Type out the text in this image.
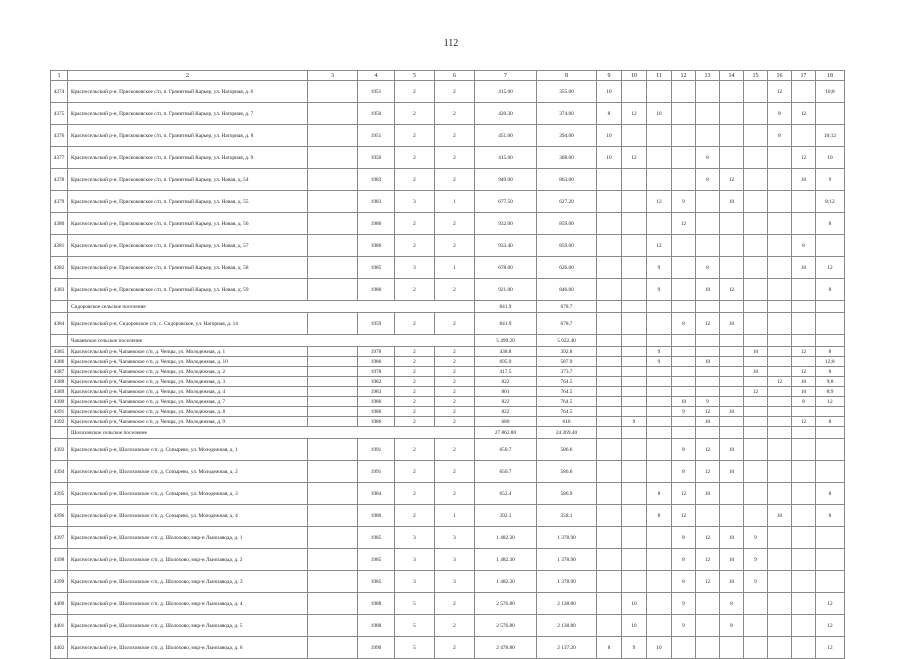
112
1	2	3	4	5	6	7	8	9	10	11	12	13	14	15	16	17	18
4374	Красносельский р-н, Прискоковское с/п, п. Гранитный Карьер, ул. Нагорная, д. 6		1951	2	2	415.00	355.00	10							12		10;8
4375	Красносельский р-н, Прискоковское с/п, п. Гранитный Карьер, ул. Нагорная, д. 7		1950	2	2	420.30	374.00	8	12	10					8	12	
4376	Красносельский р-н, Прискоковское с/п, п. Гранитный Карьер, ул. Нагорная, д. 8		1951	2	2	451.00	394.00	10							8		10;12
4377	Красносельский р-н, Прискоковское с/п, п. Гранитный Карьер, ул. Нагорная, д. 9		1950	2	2	415.00	368.00	10	12			8				12	10
4378	Красносельский р-н, Прискоковское с/п, п. Гранитный Карьер, ул. Новая, д. 54		1983	2	2	940.00	863.00					8	12			10	9
4379	Красносельский р-н, Прискоковское с/п, п. Гранитный Карьер, ул. Новая, д. 55		1983	3	1	677.50	627.20			12	9		10				8;12
4380	Красносельский р-н, Прискоковское с/п, п. Гранитный Карьер, ул. Новая, д. 56		1986	2	2	932.00	859.00				12						8
4381	Красносельский р-н, Прискоковское с/п, п. Гранитный Карьер, ул. Новая, д. 57		1986	2	2	933.40	859.00			12						8	
4382	Красносельский р-н, Прискоковское с/п, п. Гранитный Карьер, ул. Новая, д. 58		1985	3	1	678.00	626.00			9		8				10	12
4383	Красносельский р-н, Прискоковское с/п, п. Гранитный Карьер, ул. Новая, д. 59		1986	2	2	921.00	846.00			9		10	12				8
	Сидоровское сельское поселение					841.9	678.7										
4384	Красносельский р-н, Сидоровское с/п, с. Сидоровское, ул. Нагорная, д. 14		1959	2	2	841.9	678.7				8	12	10				
	Чапаевское сельское поселение					5 499.20	5 022.40										
4385	Красносельский р-н, Чапаевское с/п, д. Чепцы, ул. Молодежная, д. 1		1978	2	2	438.8	392.8			9				10		12	8
4386	Красносельский р-н, Чапаевское с/п, д. Чепцы, ул. Молодежная, д. 10		1986	2	2	695.9	587.9			9		10					12;8
4387	Красносельский р-н, Чапаевское с/п, д. Чепцы, ул. Молодежная, д. 2		1978	2	2	417.5	373.7							10		12	8
4388	Красносельский р-н, Чапаевское с/п, д. Чепцы, ул. Молодежная, д. 3		1982	2	2	822	764.5								12	10	9;8
4389	Красносельский р-н, Чапаевское с/п, д. Чепцы, ул. Молодежная, д. 4		1983	2	2	801	764.5							12		10	8;9
4390	Красносельский р-н, Чапаевское с/п, д. Чепцы, ул. Молодежная, д. 7		1986	2	2	822	764.5				10	9				8	12
4391	Красносельский р-н, Чапаевское с/п, д. Чепцы, ул. Молодежная, д. 8		1986	2	2	822	764.5				9	12	10				
4392	Красносельский р-н, Чапаевское с/п, д. Чепцы, ул. Молодежная, д. 9		1986	2	2	680	610		9			10				12	8
	Шолоховское сельское поселение					27 862.80	24 269.40										
4393	Красносельский р-н, Шолоховское с/п, д. Сопырево, ул. Молодежная, д. 1		1991	2	2	650.7	586.6				8	12	10				
4394	Красносельский р-н, Шолоховское с/п, д. Сопырево, ул. Молодежная, д. 2		1991	2	2	650.7	586.6				8	12	10				
4395	Красносельский р-н, Шолоховское с/п, д. Сопырево, ул. Молодежная, д. 3		1984	2	2	652.4	586.9			8	12	10					8
4396	Красносельский р-н, Шолоховское с/п, д. Сопырево, ул. Молодежная, д. 4		1980	2	1	392.1	358.1			8	12				10		8
4397	Красносельский р-н, Шолоховское с/п, д. Шолохово, мкр-н Льнозавода, д. 1		1985	3	3	1 482.30	1 378.90				8	12	10	9			
4398	Красносельский р-н, Шолоховское с/п, д. Шолохово, мкр-н Льнозавода, д. 2		1985	3	3	1 482.30	1 378.90				8	12	10	9			
4399	Красносельский р-н, Шолоховское с/п, д. Шолохово, мкр-н Льнозавода, д. 3		1985	3	3	1 482.30	1 378.90				8	12	10	9			
4400	Красносельский р-н, Шолоховское с/п, д. Шолохово, мкр-н Льнозавода, д. 4		1988	5	2	2 576.80	2 138.80		10		9		8				12
4401	Красносельский р-н, Шолоховское с/п, д. Шолохово, мкр-н Льнозавода, д. 5		1988	5	2	2 576.80	2 138.80		10		9		8				12
4402	Красносельский р-н, Шолоховское с/п, д. Шолохово, мкр-н Льнозавода, д. 6		1990	5	2	2 478.80	2 137.20	8	9	10							12
